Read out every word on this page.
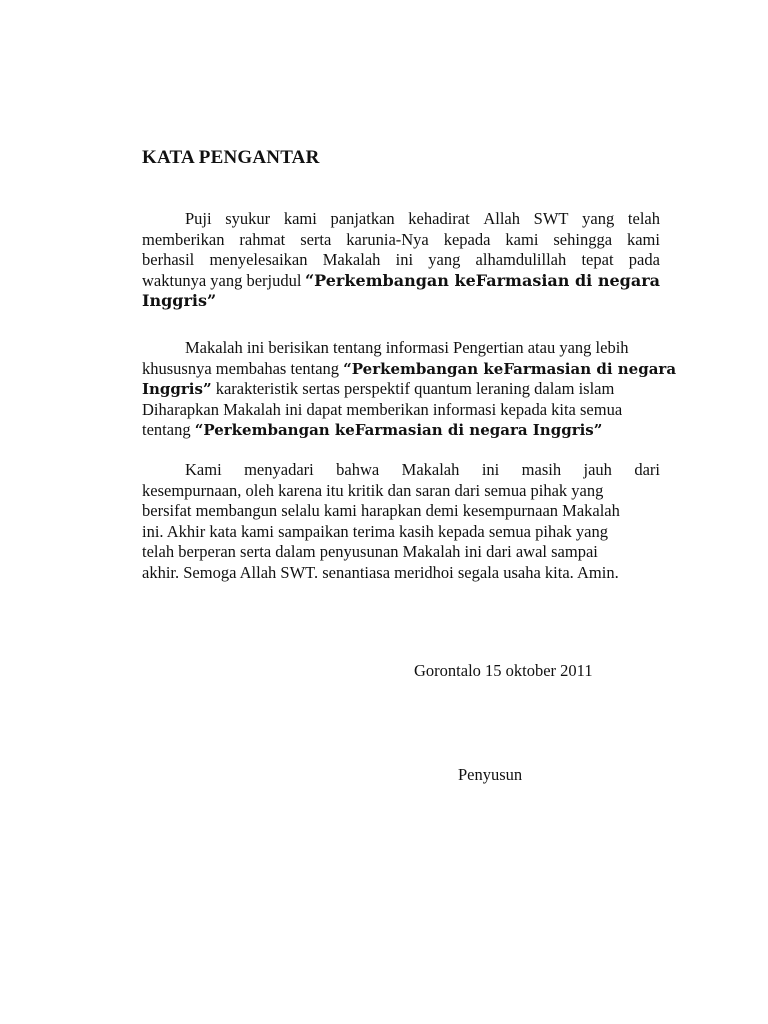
KATA PENGANTAR
Puji syukur kami panjatkan kehadirat Allah SWT yang telah
memberikan rahmat serta karunia-Nya kepada kami sehingga kami
berhasil menyelesaikan Makalah ini yang alhamdulillah tepat pada
waktunya yang berjudul “Perkembangan keFarmasian di negara
Inggris”
Makalah ini berisikan tentang informasi Pengertian atau yang lebih
khususnya membahas tentang “Perkembangan keFarmasian di negara
Inggris” karakteristik sertas perspektif quantum leraning dalam islam
Diharapkan Makalah ini dapat memberikan informasi kepada kita semua
tentang “Perkembangan keFarmasian di negara Inggris”
Kami menyadari bahwa Makalah ini masih jauh dari
kesempurnaan, oleh karena itu kritik dan saran dari semua pihak yang
bersifat membangun selalu kami harapkan demi kesempurnaan Makalah
ini. Akhir kata kami sampaikan terima kasih kepada semua pihak yang
telah berperan serta dalam penyusunan Makalah ini dari awal sampai
akhir. Semoga Allah SWT. senantiasa meridhoi segala usaha kita. Amin.
Gorontalo 15 oktober 2011
Penyusun
